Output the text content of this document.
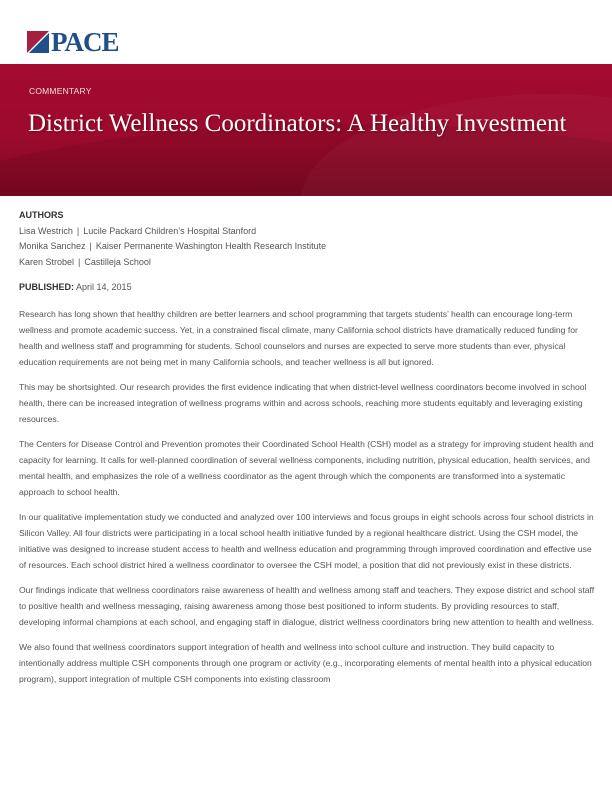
PACE
COMMENTARY
District Wellness Coordinators: A Healthy Investment
AUTHORS
Lisa Westrich | Lucile Packard Children’s Hospital Stanford
Monika Sanchez | Kaiser Permanente Washington Health Research Institute
Karen Strobel | Castilleja School
PUBLISHED: April 14, 2015

Research has long shown that healthy children are better learners and school programming that targets students’ health can encourage long-term wellness and promote academic success. Yet, in a constrained fiscal climate, many California school districts have dramatically reduced funding for health and wellness staff and programming for students. School counselors and nurses are expected to serve more students than ever, physical education requirements are not being met in many California schools, and teacher wellness is all but ignored.

This may be shortsighted. Our research provides the first evidence indicating that when district-level wellness coordinators become involved in school health, there can be increased integration of wellness programs within and across schools, reaching more students equitably and leveraging existing resources.

The Centers for Disease Control and Prevention promotes their Coordinated School Health (CSH) model as a strategy for improving student health and capacity for learning. It calls for well-planned coordination of several wellness components, including nutrition, physical education, health services, and mental health, and emphasizes the role of a wellness coordinator as the agent through which the components are transformed into a systematic approach to school health.

In our qualitative implementation study we conducted and analyzed over 100 interviews and focus groups in eight schools across four school districts in Silicon Valley. All four districts were participating in a local school health initiative funded by a regional healthcare district. Using the CSH model, the initiative was designed to increase student access to health and wellness education and programming through improved coordination and effective use of resources. Each school district hired a wellness coordinator to oversee the CSH model, a position that did not previously exist in these districts.

Our findings indicate that wellness coordinators raise awareness of health and wellness among staff and teachers. They expose district and school staff to positive health and wellness messaging, raising awareness among those best positioned to inform students. By providing resources to staff, developing informal champions at each school, and engaging staff in dialogue, district wellness coordinators bring new attention to health and wellness.

We also found that wellness coordinators support integration of health and wellness into school culture and instruction. They build capacity to intentionally address multiple CSH components through one program or activity (e.g., incorporating elements of mental health into a physical education program), support integration of multiple CSH components into existing classroom
